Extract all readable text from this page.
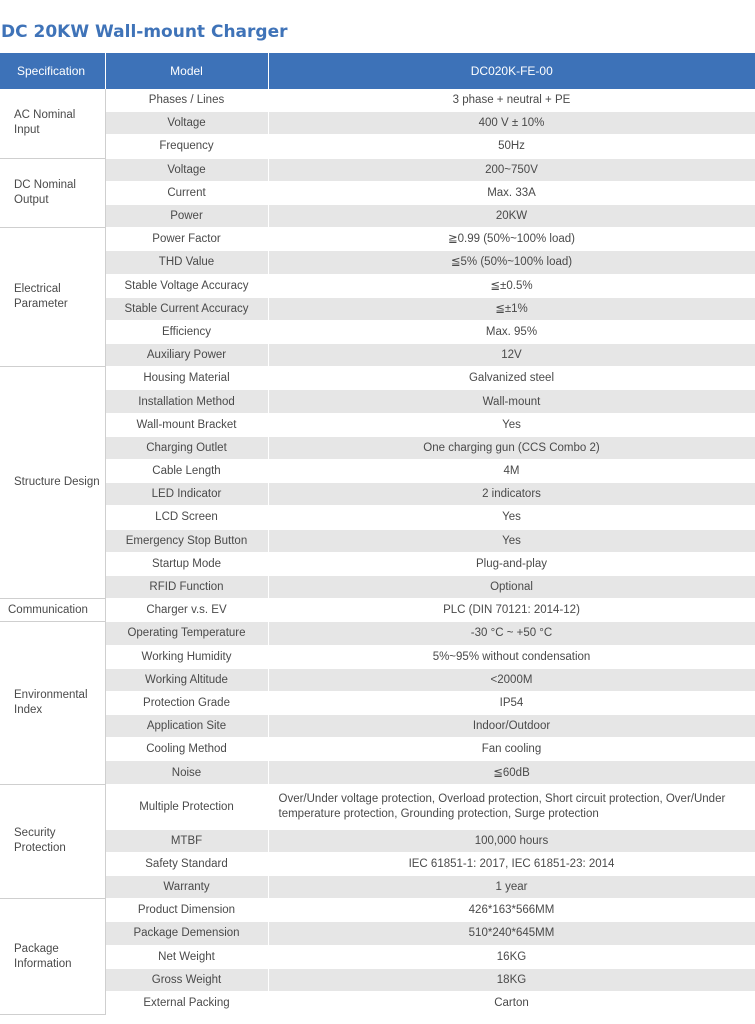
DC 20KW Wall-mount Charger
Specification	Model	DC020K-FE-00

AC Nominal Input	Phases / Lines	3 phase + neutral + PE
	Voltage	400 V ± 10%
	Frequency	50Hz

DC Nominal Output	Voltage	200~750V
	Current	Max. 33A
	Power	20KW

Electrical Parameter	Power Factor	≧0.99 (50%~100% load)
	THD Value	≦5% (50%~100% load)
	Stable Voltage Accuracy	≦±0.5%
	Stable Current Accuracy	≦±1%
	Efficiency	Max. 95%
	Auxiliary Power	12V

Structure Design	Housing Material	Galvanized steel
	Installation Method	Wall-mount
	Wall-mount Bracket	Yes
	Charging Outlet	One charging gun (CCS Combo 2)
	Cable Length	4M
	LED Indicator	2 indicators
	LCD Screen	Yes
	Emergency Stop Button	Yes
	Startup Mode	Plug-and-play
	RFID Function	Optional

Communication	Charger v.s. EV	PLC (DIN 70121: 2014-12)

Environmental Index	Operating Temperature	-30 °C ~ +50 °C
	Working Humidity	5%~95% without condensation
	Working Altitude	<2000M
	Protection Grade	IP54
	Application Site	Indoor/Outdoor
	Cooling Method	Fan cooling
	Noise	≦60dB

Security Protection	Multiple Protection	Over/Under voltage protection, Overload protection, Short circuit protection, Over/Under temperature protection, Grounding protection, Surge protection
	MTBF	100,000 hours
	Safety Standard	IEC 61851-1: 2017, IEC 61851-23: 2014
	Warranty	1 year

Package Information	Product Dimension	426*163*566MM
	Package Demension	510*240*645MM
	Net Weight	16KG
	Gross Weight	18KG
	External Packing	Carton
